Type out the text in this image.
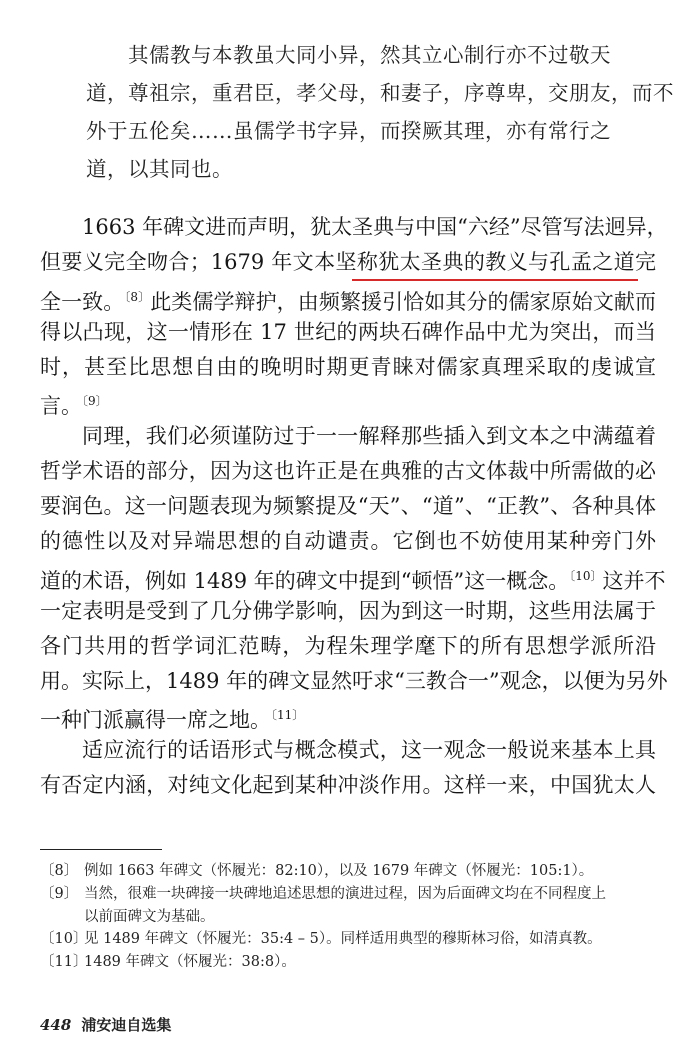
其儒教与本教虽大同小异，然其立心制行亦不过敬天
道，尊祖宗，重君臣，孝父母，和妻子，序尊卑，交朋友，而不
外于五伦矣……虽儒学书字异，而揆厥其理，亦有常行之
道，以其同也。
1663 年碑文进而声明，犹太圣典与中国“六经”尽管写法迥异，
但要义完全吻合；1679 年文本坚称犹太圣典的教义与孔孟之道完
全一致。$^{〔8〕}$此类儒学辩护，由频繁援引恰如其分的儒家原始文献而
得以凸现，这一情形在 17 世纪的两块石碑作品中尤为突出，而当
时，甚至比思想自由的晚明时期更青睐对儒家真理采取的虔诚宣
言。$^{〔9〕}$
同理，我们必须谨防过于一一解释那些插入到文本之中满蕴着
哲学术语的部分，因为这也许正是在典雅的古文体裁中所需做的必
要润色。这一问题表现为频繁提及“天”、“道”、“正教”、各种具体
的德性以及对异端思想的自动谴责。它倒也不妨使用某种旁门外
道的术语，例如 1489 年的碑文中提到“顿悟”这一概念。$^{〔10〕}$这并不
一定表明是受到了几分佛学影响，因为到这一时期，这些用法属于
各门共用的哲学词汇范畴，为程朱理学麾下的所有思想学派所沿
用。实际上，1489 年的碑文显然吁求“三教合一”观念，以便为另外
一种门派赢得一席之地。$^{〔11〕}$
适应流行的话语形式与概念模式，这一观念一般说来基本上具
有否定内涵，对纯文化起到某种冲淡作用。这样一来，中国犹太人
〔8〕 例如 1663 年碑文（怀履光：82:10），以及 1679 年碑文（怀履光：105:1）。
〔9〕 当然，很难一块碑接一块碑地追述思想的演进过程，因为后面碑文均在不同程度上
以前面碑文为基础。
〔10〕
见 1489 年碑文（怀履光：35:4 – 5）。同样适用典型的穆斯林习俗，如清真教。
〔11〕
1489 年碑文（怀履光：38:8）。
448 浦安迪自选集
